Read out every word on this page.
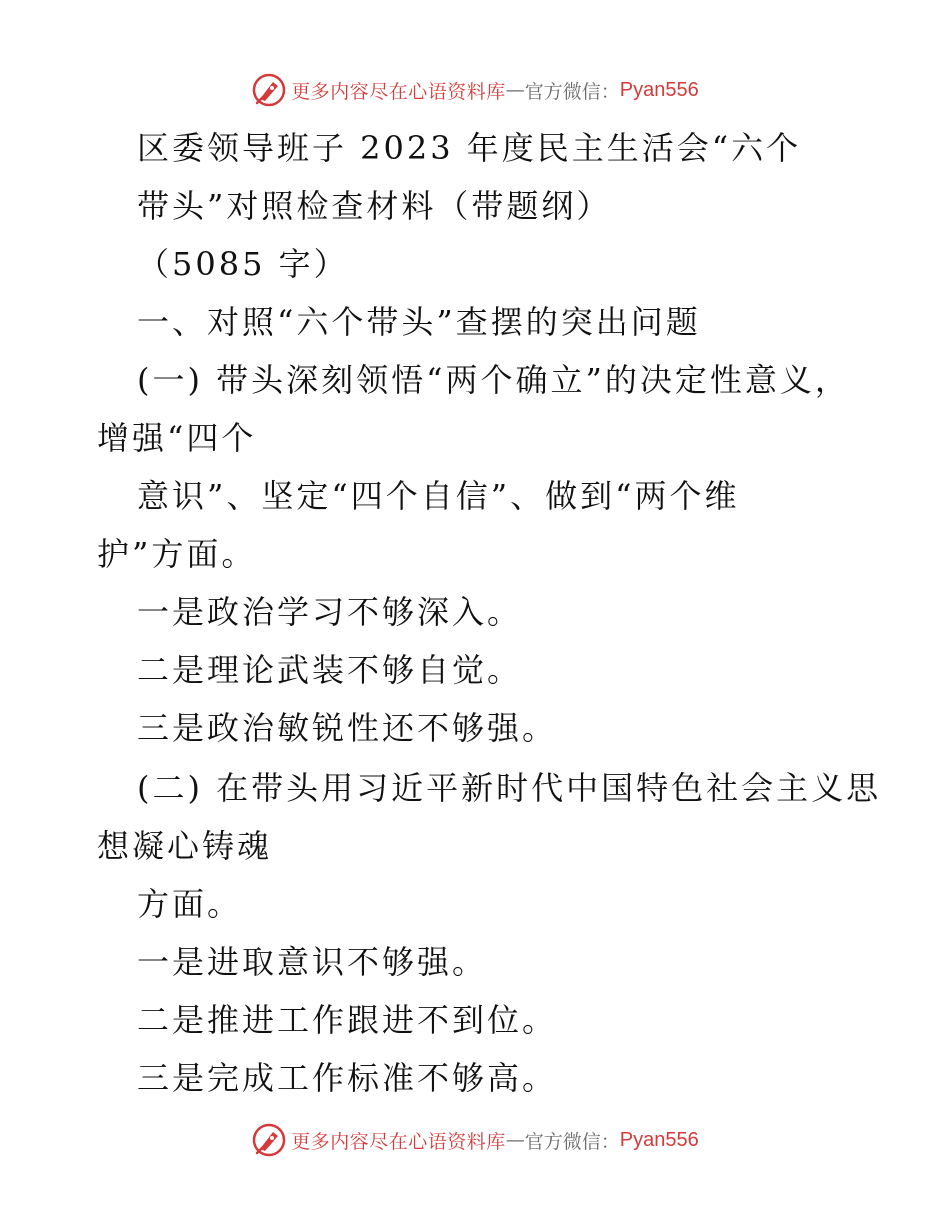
更多内容尽在心语资料库 — 官方微信： Pyan556
区委领导班子 2023 年度民主生活会“六个
带头”对照检查材料（带题纲）
（5085 字）
一、对照“六个带头”查摆的突出问题
(一) 带头深刻领悟“两个确立”的决定性意义，
增强“四个
意识”、坚定“四个自信”、做到“两个维
护”方面。
一是政治学习不够深入。
二是理论武装不够自觉。
三是政治敏锐性还不够强。
(二) 在带头用习近平新时代中国特色社会主义思
想凝心铸魂
方面。
一是进取意识不够强。
二是推进工作跟进不到位。
三是完成工作标准不够高。
更多内容尽在心语资料库 — 官方微信： Pyan556
